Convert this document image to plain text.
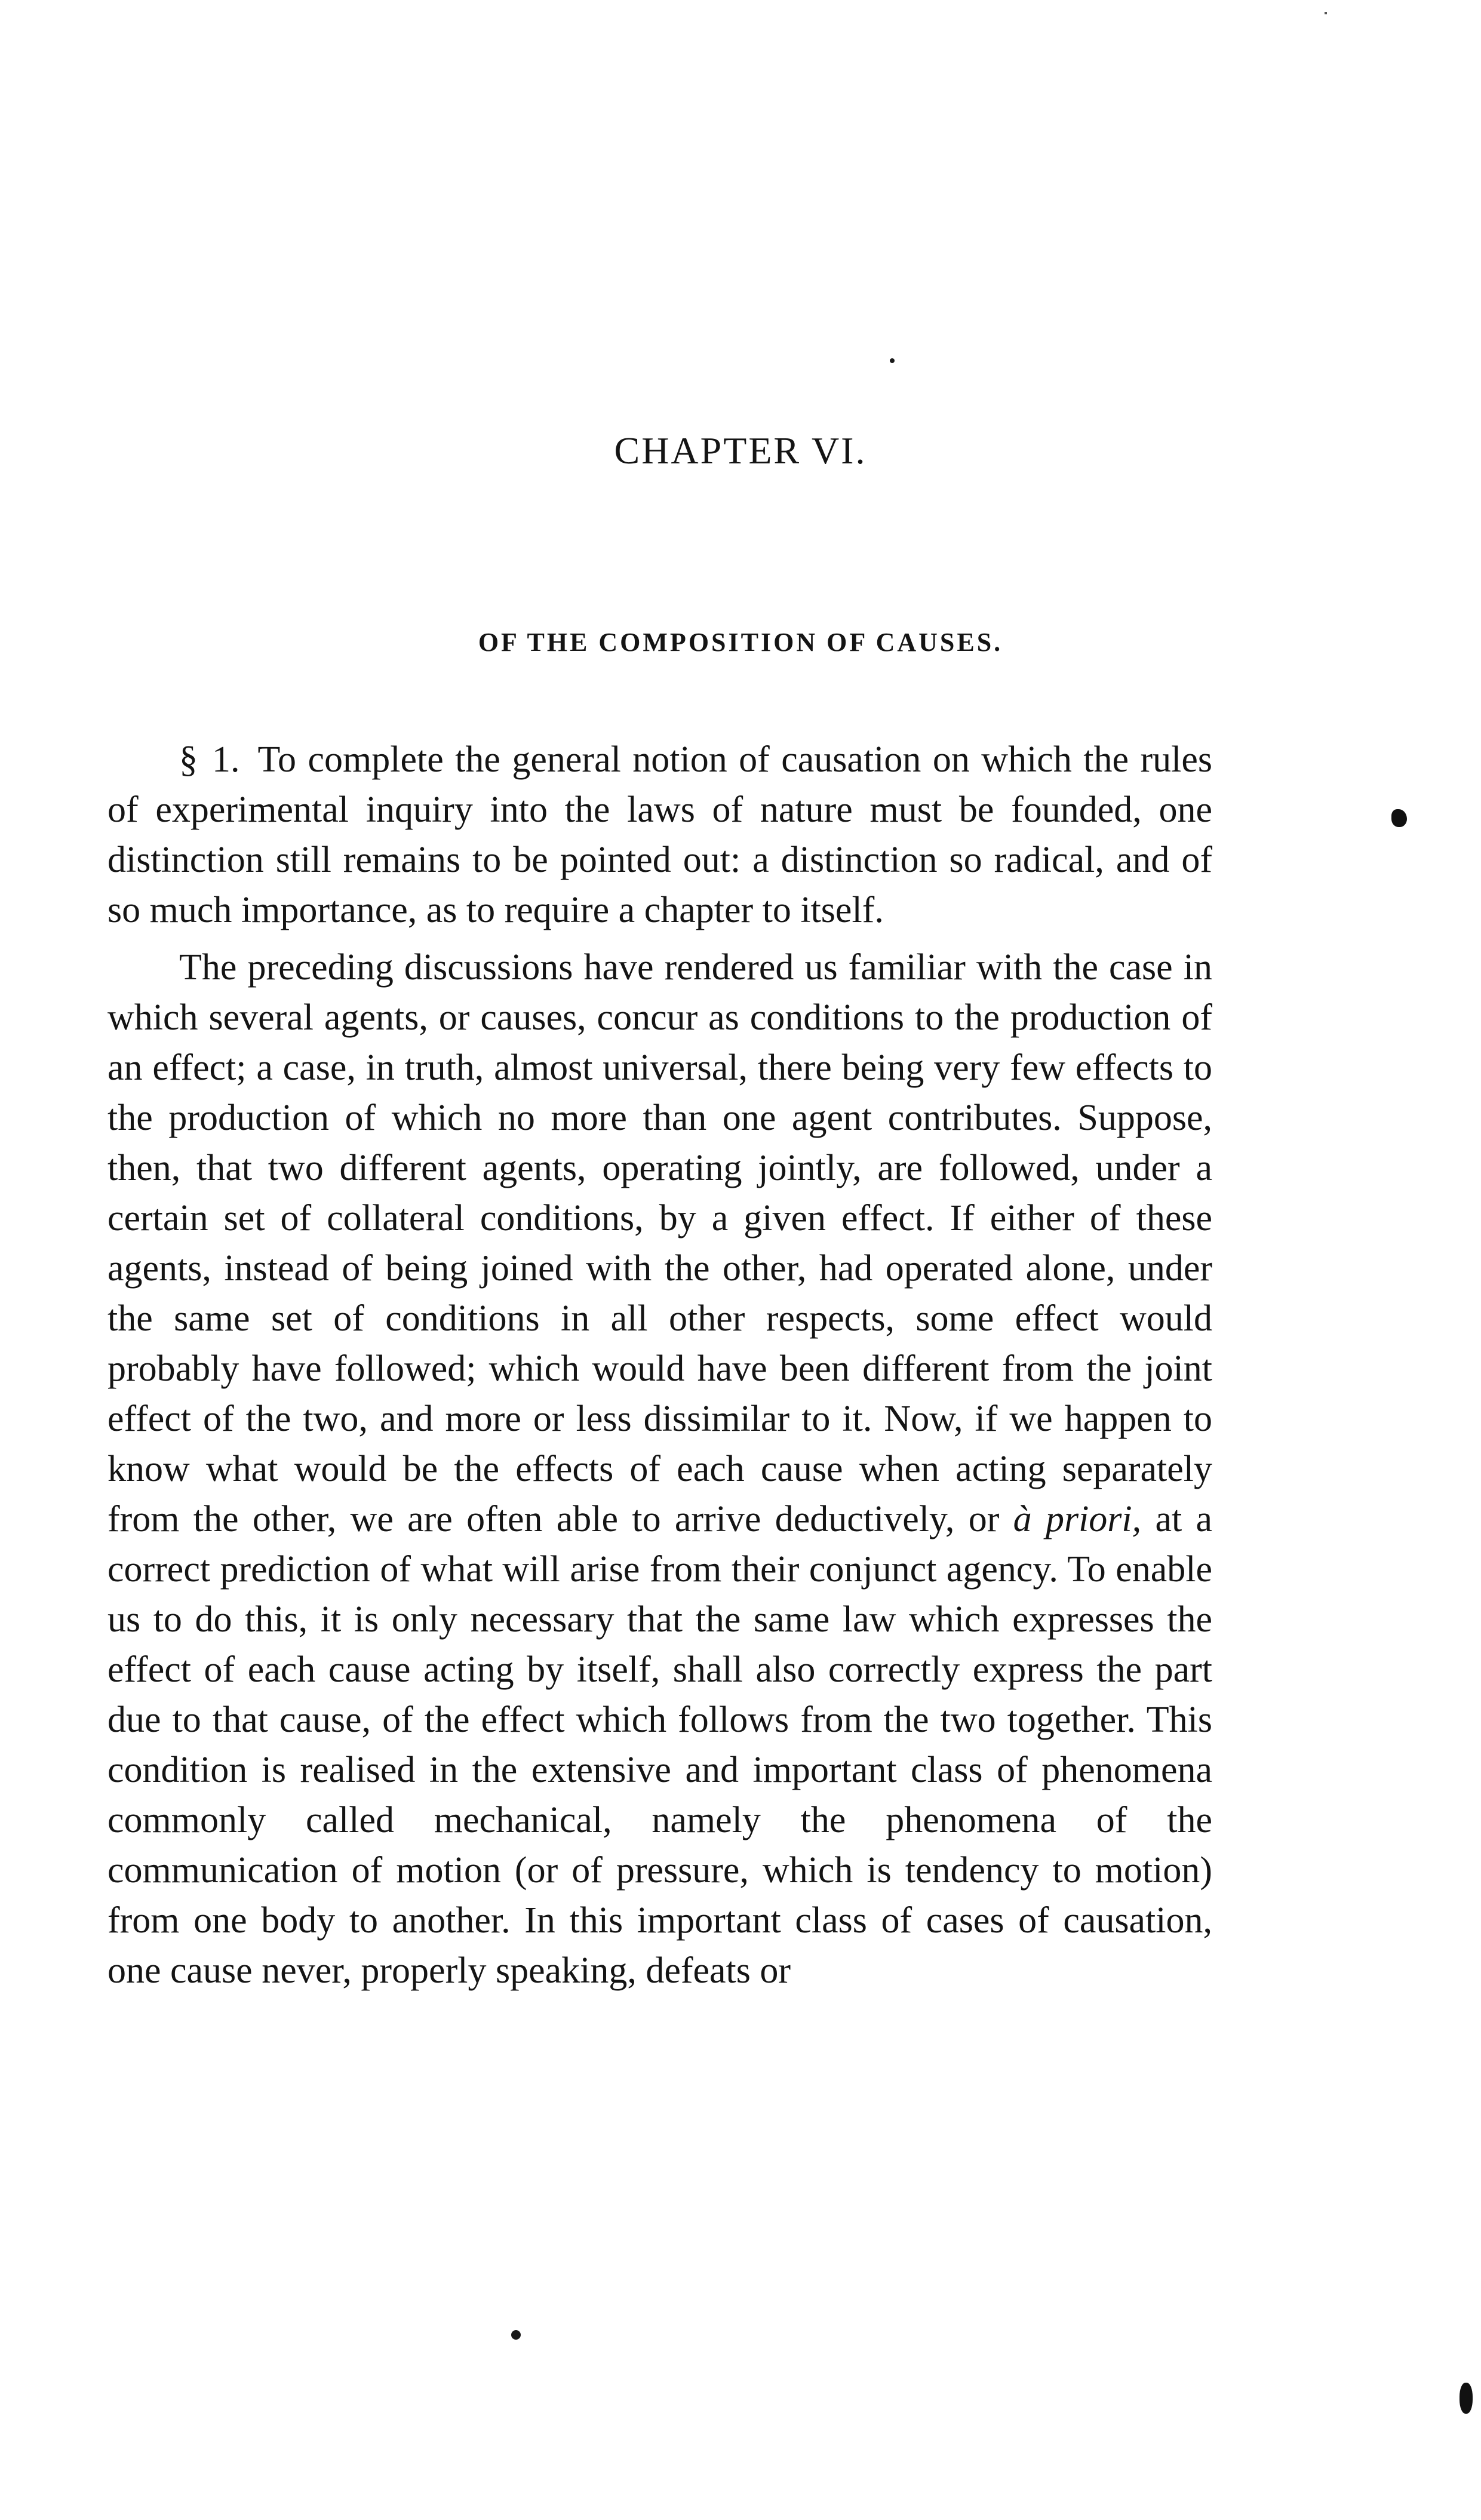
CHAPTER VI.
OF THE COMPOSITION OF CAUSES.

§ 1. To complete the general notion of causation on which the rules of experimental inquiry into the laws of nature must be founded, one distinction still remains to be pointed out: a distinction so radical, and of so much importance, as to require a chapter to itself.

The preceding discussions have rendered us familiar with the case in which several agents, or causes, concur as conditions to the production of an effect; a case, in truth, almost universal, there being very few effects to the production of which no more than one agent contributes. Suppose, then, that two different agents, operating jointly, are followed, under a certain set of collateral conditions, by a given effect. If either of these agents, instead of being joined with the other, had operated alone, under the same set of conditions in all other respects, some effect would probably have followed; which would have been different from the joint effect of the two, and more or less dissimilar to it. Now, if we happen to know what would be the effects of each cause when acting separately from the other, we are often able to arrive deductively, or à priori, at a correct prediction of what will arise from their conjunct agency. To enable us to do this, it is only necessary that the same law which expresses the effect of each cause acting by itself, shall also correctly express the part due to that cause, of the effect which follows from the two together. This condition is realised in the extensive and important class of phenomena commonly called mechanical, namely the phenomena of the communication of motion (or of pressure, which is tendency to motion) from one body to another. In this important class of cases of causation, one cause never, properly speaking, defeats or
